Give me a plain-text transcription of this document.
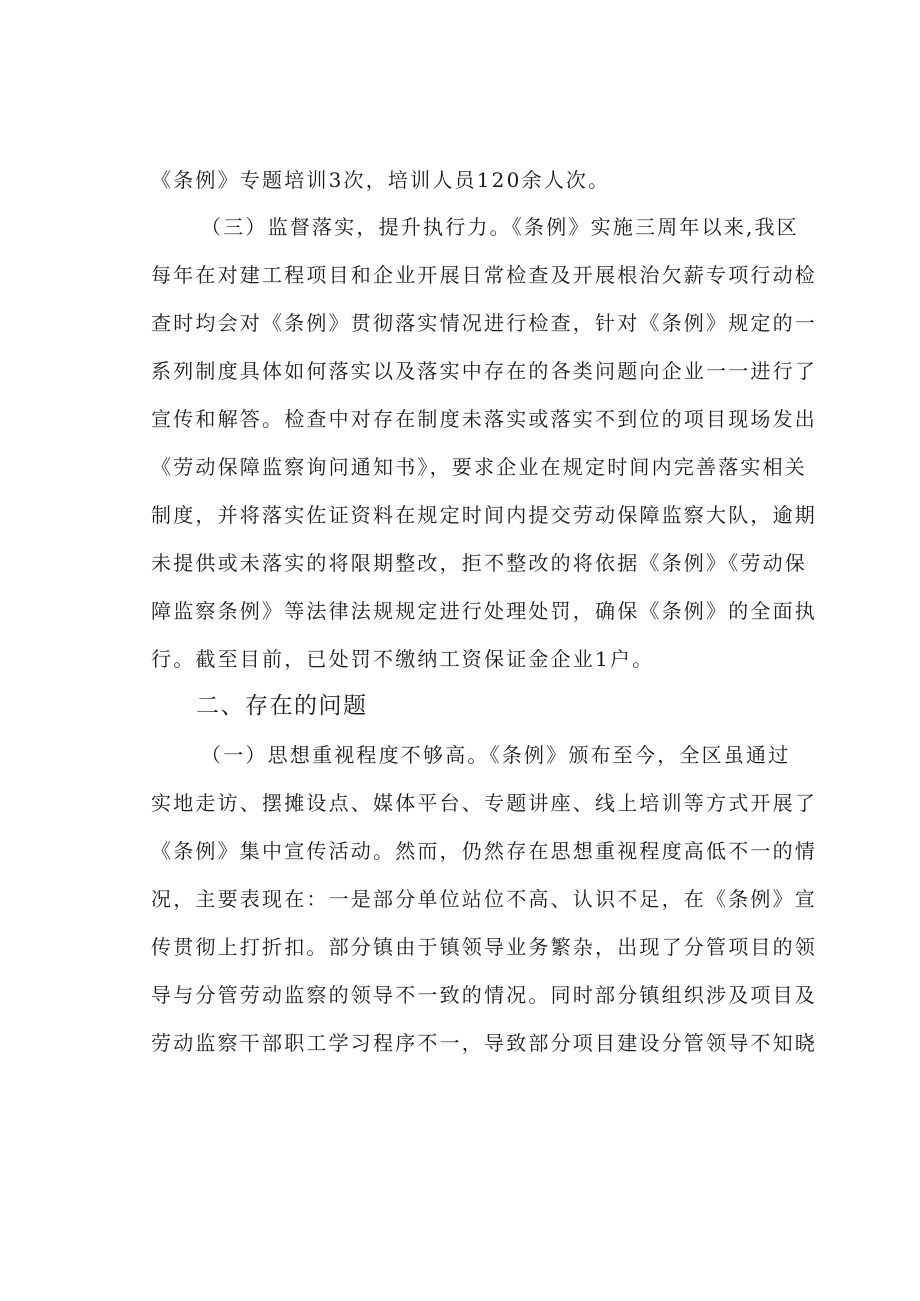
《条例》专题培训3次，培训人员120余人次。
（三）监督落实，提升执行力。《条例》实施三周年以来,我区
每年在对建工程项目和企业开展日常检查及开展根治欠薪专项行动检
查时均会对《条例》贯彻落实情况进行检查，针对《条例》规定的一
系列制度具体如何落实以及落实中存在的各类问题向企业一一进行了
宣传和解答。检查中对存在制度未落实或落实不到位的项目现场发出
《劳动保障监察询问通知书》，要求企业在规定时间内完善落实相关
制度，并将落实佐证资料在规定时间内提交劳动保障监察大队，逾期
未提供或未落实的将限期整改，拒不整改的将依据《条例》《劳动保
障监察条例》等法律法规规定进行处理处罚，确保《条例》的全面执
行。截至目前，已处罚不缴纳工资保证金企业1户。
二、存在的问题
（一）思想重视程度不够高。《条例》颁布至今，全区虽通过
实地走访、摆摊设点、媒体平台、专题讲座、线上培训等方式开展了
《条例》集中宣传活动。然而，仍然存在思想重视程度高低不一的情
况，主要表现在：一是部分单位站位不高、认识不足，在《条例》宣
传贯彻上打折扣。部分镇由于镇领导业务繁杂，出现了分管项目的领
导与分管劳动监察的领导不一致的情况。同时部分镇组织涉及项目及
劳动监察干部职工学习程序不一，导致部分项目建设分管领导不知晓
